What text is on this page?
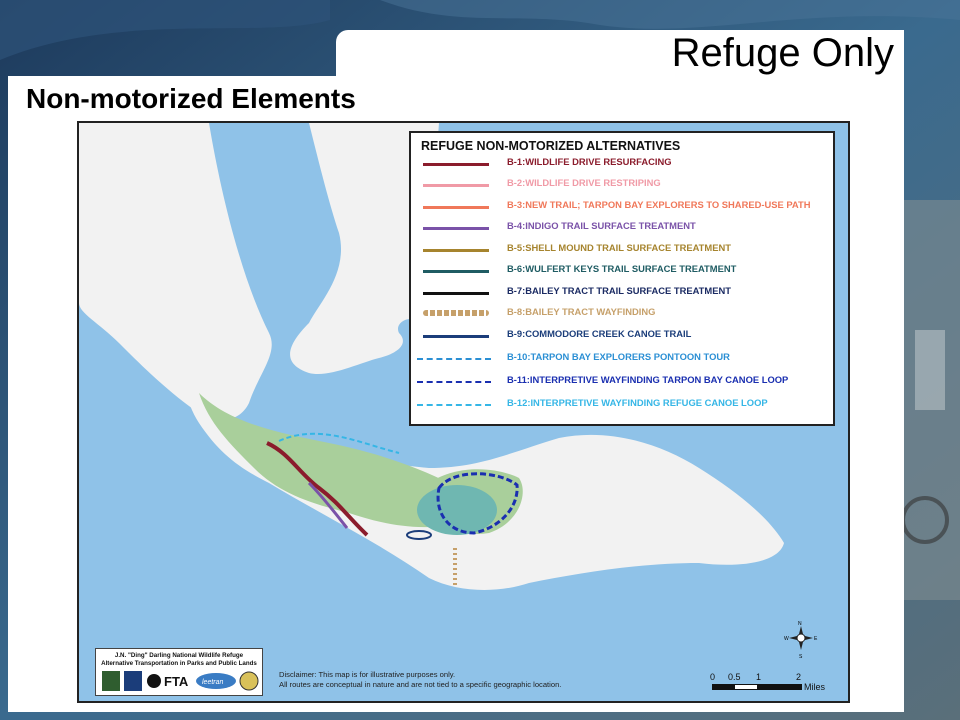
Refuge Only
Non-motorized Elements
REFUGE NON-MOTORIZED ALTERNATIVES
B-1:WILDLIFE DRIVE RESURFACING
B-2:WILDLIFE DRIVE RESTRIPING
B-3:NEW TRAIL; TARPON BAY EXPLORERS TO SHARED-USE PATH
B-4:INDIGO TRAIL SURFACE TREATMENT
B-5:SHELL MOUND TRAIL SURFACE TREATMENT
B-6:WULFERT KEYS TRAIL SURFACE TREATMENT
B-7:BAILEY TRACT TRAIL SURFACE TREATMENT
B-8:BAILEY TRACT WAYFINDING
B-9:COMMODORE CREEK CANOE TRAIL
B-10:TARPON BAY EXPLORERS PONTOON TOUR
B-11:INTERPRETIVE WAYFINDING TARPON BAY CANOE LOOP
B-12:INTERPRETIVE WAYFINDING REFUGE CANOE LOOP
J.N. "Ding" Darling National Wildlife Refuge
Alternative Transportation in Parks and Public Lands
FTA leetran
Disclaimer: This map is for illustrative purposes only.
All routes are conceptual in nature and are not tied to a specific geographic location.
0 0.5 1	2
Miles
N
S
W	E
